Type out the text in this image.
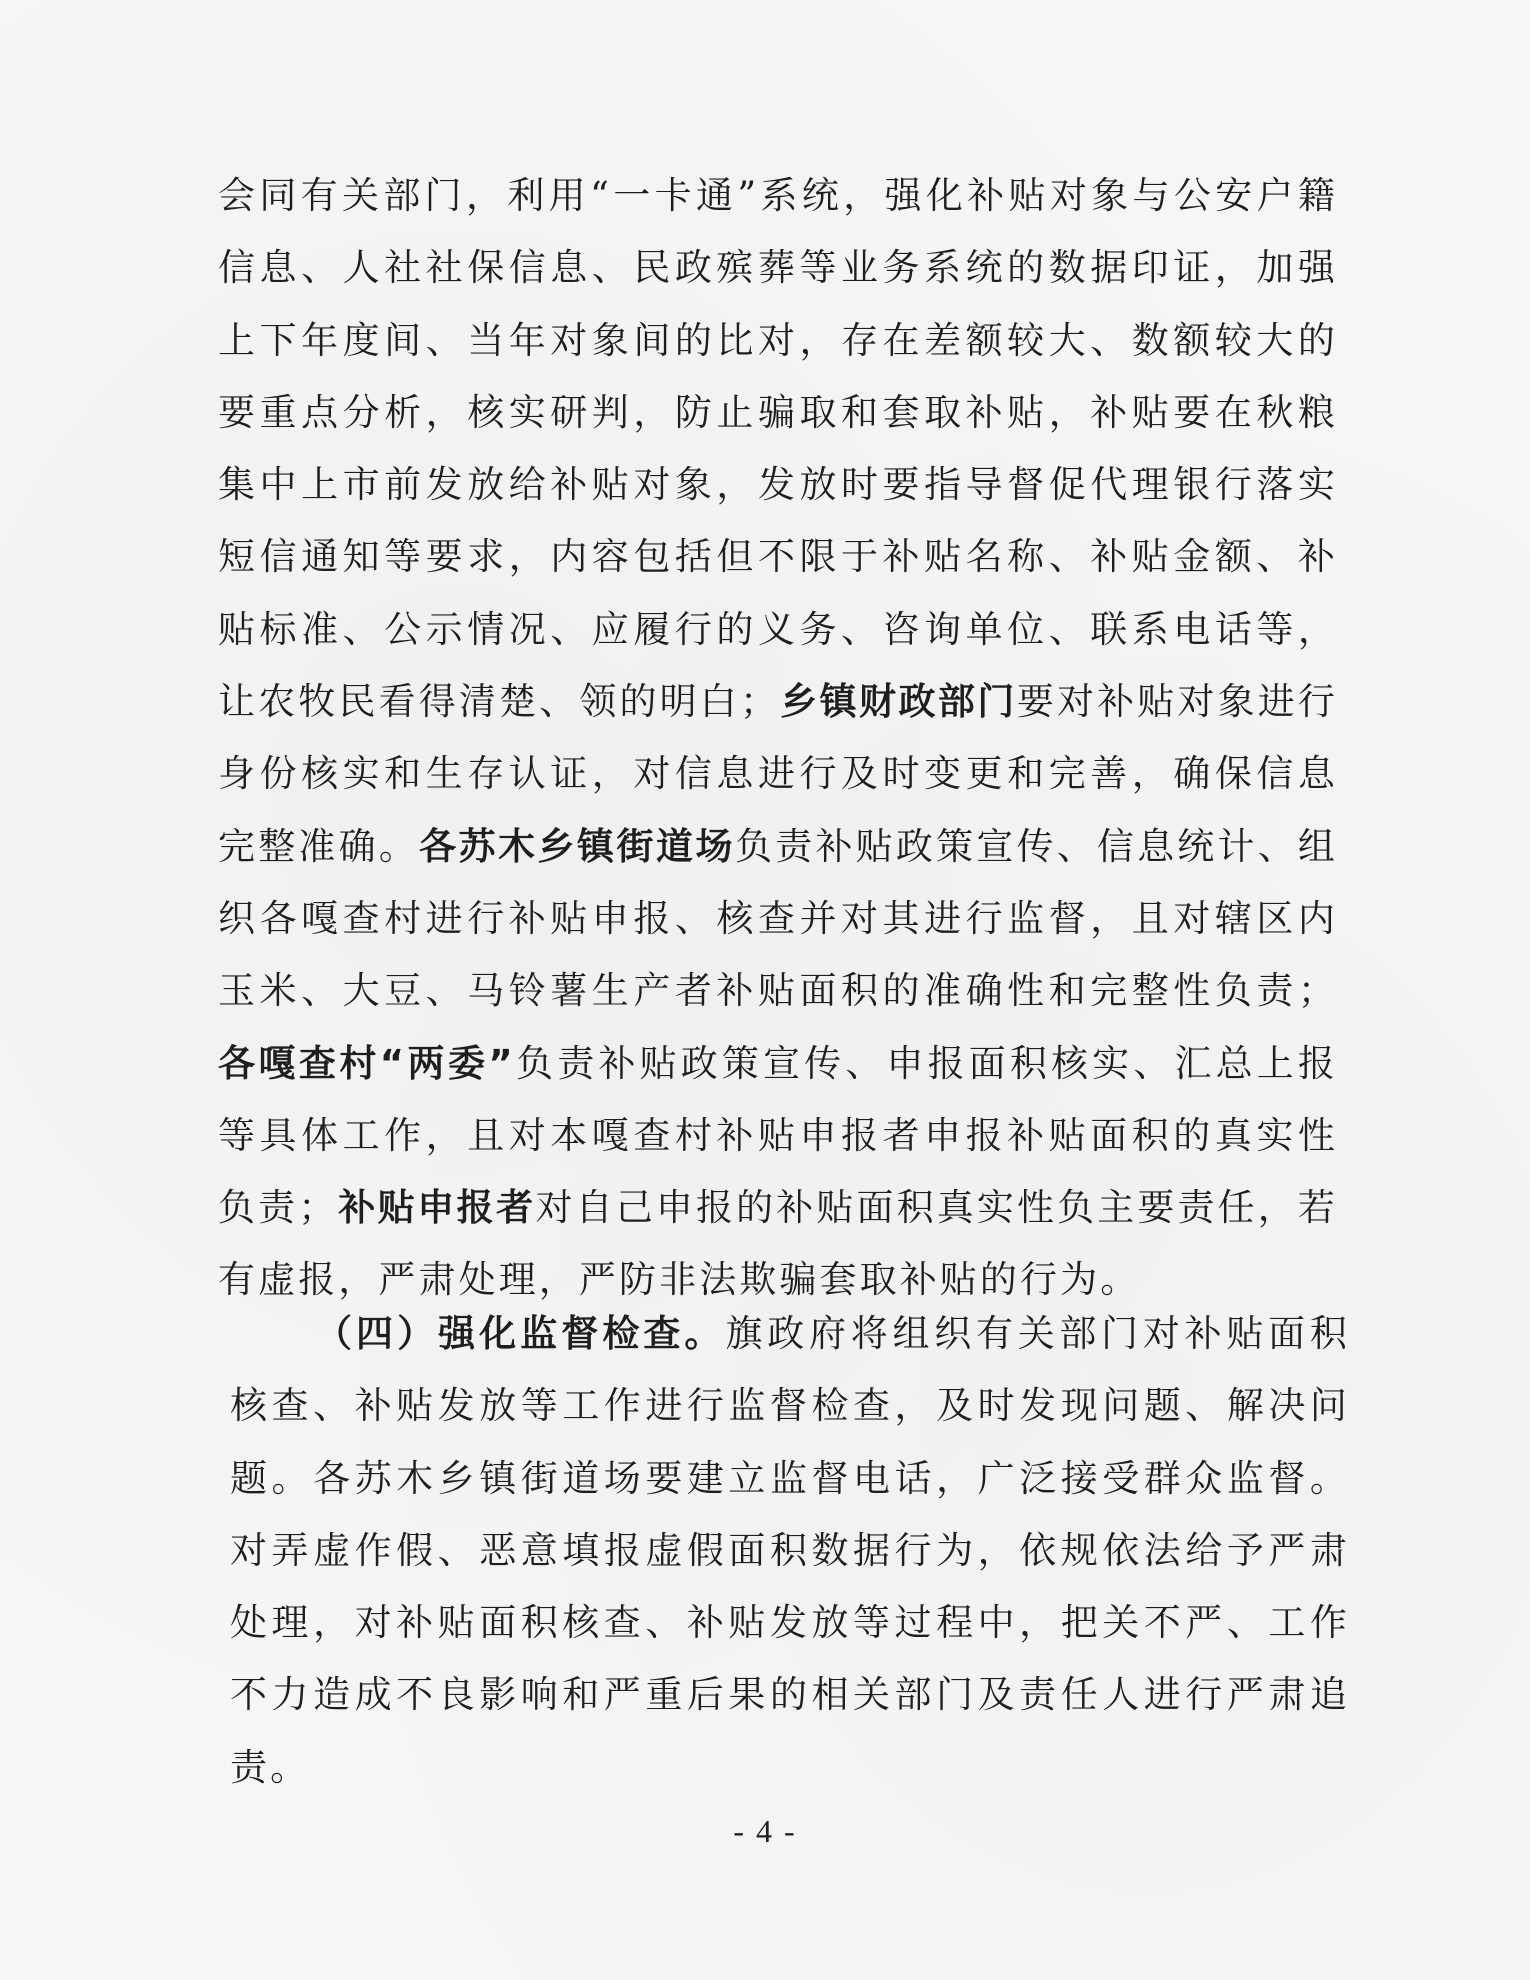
会同有关部门，利用“一卡通”系统，强化补贴对象与公安户籍信息、人社社保信息、民政殡葬等业务系统的数据印证，加强上下年度间、当年对象间的比对，存在差额较大、数额较大的要重点分析，核实研判，防止骗取和套取补贴，补贴要在秋粮集中上市前发放给补贴对象，发放时要指导督促代理银行落实短信通知等要求，内容包括但不限于补贴名称、补贴金额、补贴标准、公示情况、应履行的义务、咨询单位、联系电话等，让农牧民看得清楚、领的明白；乡镇财政部门要对补贴对象进行身份核实和生存认证，对信息进行及时变更和完善，确保信息完整准确。各苏木乡镇街道场负责补贴政策宣传、信息统计、组织各嘎查村进行补贴申报、核查并对其进行监督，且对辖区内玉米、大豆、马铃薯生产者补贴面积的准确性和完整性负责；各嘎查村“两委”负责补贴政策宣传、申报面积核实、汇总上报等具体工作，且对本嘎查村补贴申报者申报补贴面积的真实性负责；补贴申报者对自己申报的补贴面积真实性负主要责任，若有虚报，严肃处理，严防非法欺骗套取补贴的行为。

（四）强化监督检查。旗政府将组织有关部门对补贴面积核查、补贴发放等工作进行监督检查，及时发现问题、解决问题。各苏木乡镇街道场要建立监督电话，广泛接受群众监督。对弄虚作假、恶意填报虚假面积数据行为，依规依法给予严肃处理，对补贴面积核查、补贴发放等过程中，把关不严、工作不力造成不良影响和严重后果的相关部门及责任人进行严肃追责。

- 4 -
